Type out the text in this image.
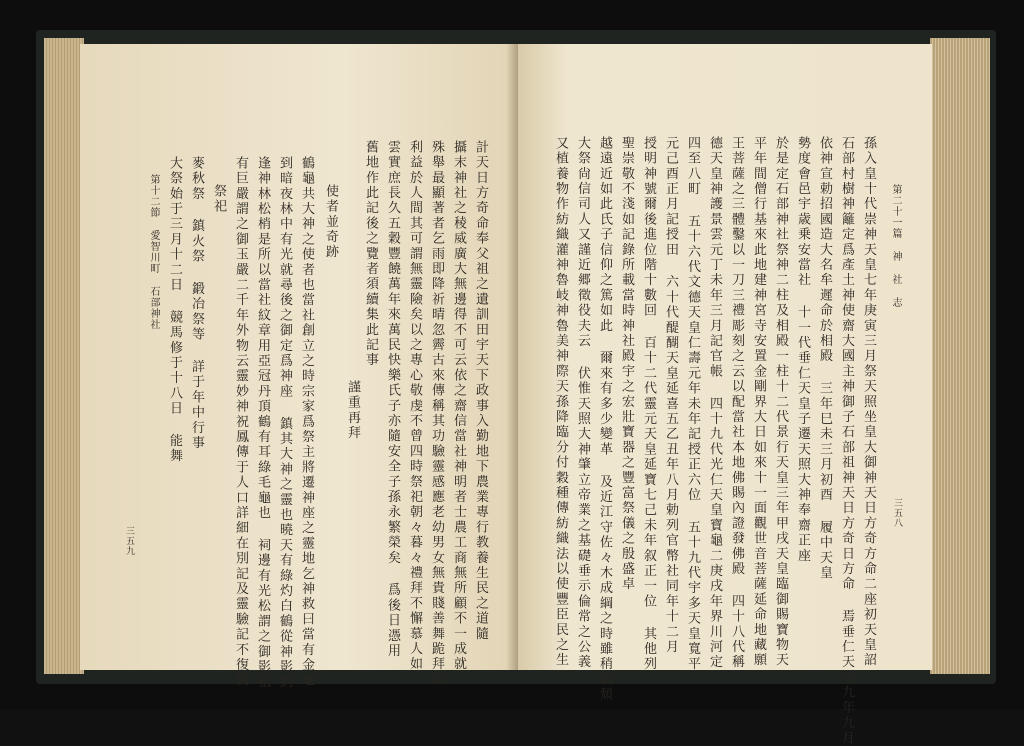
三五九
第十二節 愛智川町 石部神社 大祭始于三月十二日 競馬修于十八日 能舞 麥秋祭 鎮火祭 鍛冶祭等 詳于年中行事 祭祀 有巨嚴謂之御玉嚴二千年外物云靈妙神祝鳳傳于人口詳細在別記及靈驗記不復贅 逢神林松梢是所以當社紋章用亞冠丹頂鶴有耳綠毛龜也 祠邊有光松謂之御影松 到暗夜林中有光就尋後之御定爲神座 鎮其大神之靈也曉天有綠灼白鶴從神影到 鶴龜共大神之使者也當社創立之時宗家爲祭主將遷神座之靈地乞神救曰當有金龜 使者並奇跡
謹重再拜
舊地作此記後之覽者須續集此記事 雲實庶長久五穀豐饒萬年來萬民快樂氏子亦隨安全子孫永繁榮矣 爲後日憑用 利益於人間其可謂無靈險矣以之專心敬虔不曾四時祭祀朝々暮々禮拜不懈慕人如 殊舉最顯著者乞雨即降祈晴忽霽古來傳稱其功驗靈感應老幼男女無貴賤善舞跪拜與 攝末神社之稜威廣大無邊得不可云依之齋信當社神明者士農工商無所顧不一成就 計天日方奇命奉父祖之遺訓田宇天下政事入勤地下農業專行教養生民之道隨	又植養物作紡織灌神魯岐神魯美神際天孫降臨分付穀種傳紡織法以使豐臣民之生 大祭尙信司人又謹近郷徵役夫云 伏惟天照大神肇立帝業之基礎垂示倫常之公義 越遠近如此氏子信仰之篤如此 爾來有多少變革 及近江守佐々木成綱之時雖稍衰頹 聖崇敬不淺如記錄所載當時神社殿宇之宏壯寶器之豐富祭儀之殷盛卓 授明神號爾後進位階十數回 百十二代靈元天皇延寶七己未年叙正一位 其他列 元己酉正月記授田 六十代醍醐天皇延喜五乙丑年八月勅列官幣社同年十二月 四至八町 五十六代文德天皇仁壽元年未年記授正六位 五十九代宇多天皇寬平 德天皇神護景雲元丁未年三月記官帳 四十九代光仁天皇寶龜二庚戌年界川河定 王菩薩之三體鑿以一刀三禮彫刻之云以配當社本地佛賜內證發佛殿 四十八代稱 平年間僧行基來此地建神宮寺安置金剛界大日如來十一面觀世音菩薩延命地藏願 於是定石部神社祭神二柱及相殿一柱十二代景行天皇三年甲戌天皇臨御賜寶物天 勢度會邑宇歳乗安當社 十一代垂仁天皇子遷天照大神奉齋正座 依神宣勅招國造大名牟遲命於相殿 三年巳未三月初酉 履中天皇 石部村樹神籬定爲產土神使齋大國主神御子石部祖神天日方奇日方命 焉垂仁天皇九年九月 孫入皇十代崇神天皇七年庚寅三月祭天照坐皇大御神天日方奇方命二座初天皇詔 第二十一篇 神 社 志
三五八
